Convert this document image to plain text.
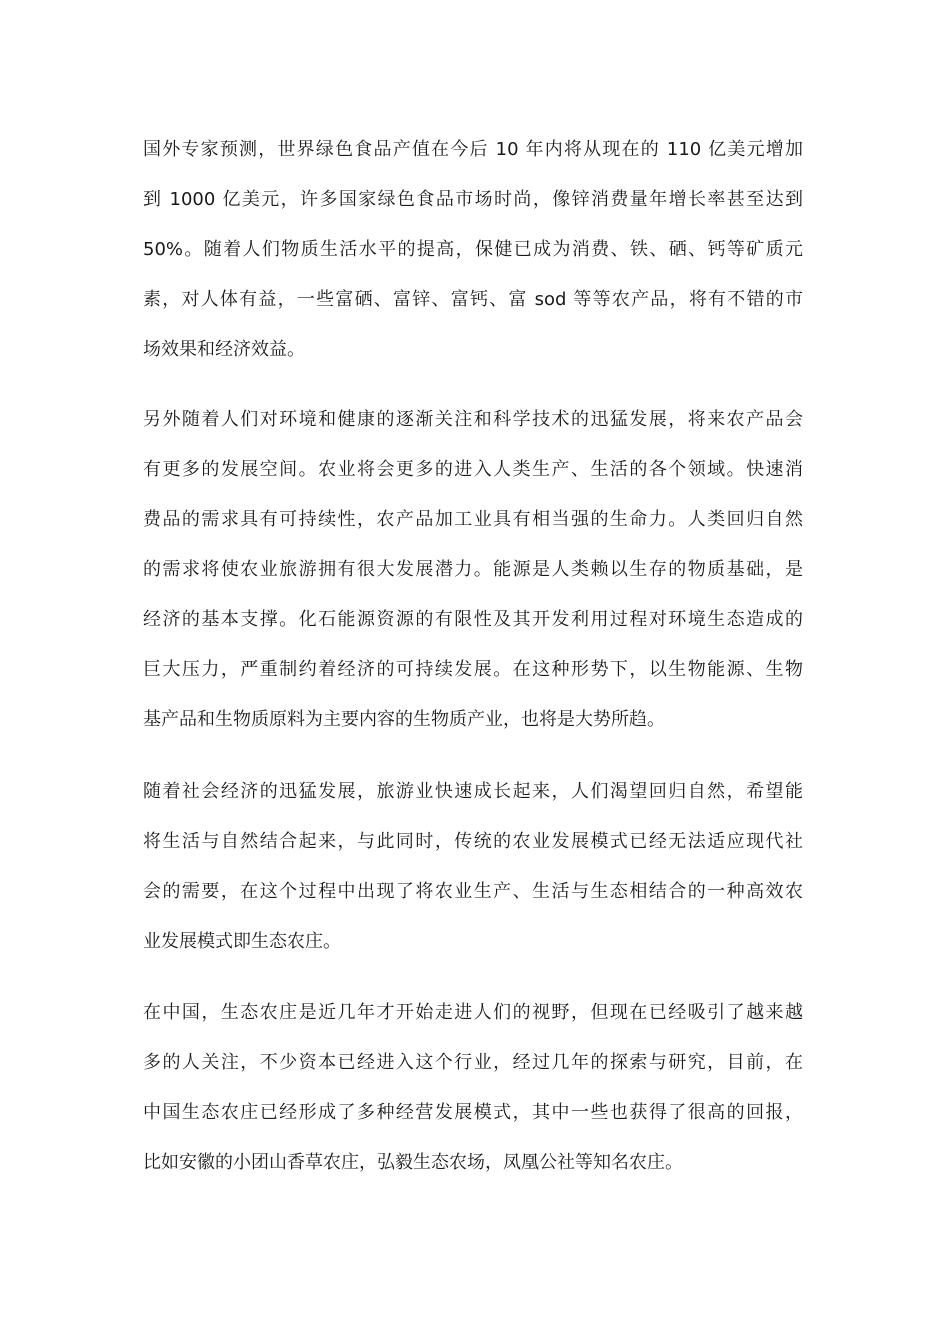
国外专家预测，世界绿色食品产值在今后 10 年内将从现在的 110 亿美元增加
到 1000 亿美元，许多国家绿色食品市场时尚，像锌消费量年增长率甚至达到
50%。随着人们物质生活水平的提高，保健已成为消费、铁、硒、钙等矿质元
素，对人体有益，一些富硒、富锌、富钙、富 sod 等等农产品，将有不错的市
场效果和经济效益。
另外随着人们对环境和健康的逐渐关注和科学技术的迅猛发展，将来农产品会
有更多的发展空间。农业将会更多的进入人类生产、生活的各个领域。快速消
费品的需求具有可持续性，农产品加工业具有相当强的生命力。人类回归自然
的需求将使农业旅游拥有很大发展潜力。能源是人类赖以生存的物质基础，是
经济的基本支撑。化石能源资源的有限性及其开发利用过程对环境生态造成的
巨大压力，严重制约着经济的可持续发展。在这种形势下，以生物能源、生物
基产品和生物质原料为主要内容的生物质产业，也将是大势所趋。
随着社会经济的迅猛发展，旅游业快速成长起来，人们渴望回归自然，希望能
将生活与自然结合起来，与此同时，传统的农业发展模式已经无法适应现代社
会的需要，在这个过程中出现了将农业生产、生活与生态相结合的一种高效农
业发展模式即生态农庄。
在中国，生态农庄是近几年才开始走进人们的视野，但现在已经吸引了越来越
多的人关注，不少资本已经进入这个行业，经过几年的探索与研究，目前，在
中国生态农庄已经形成了多种经营发展模式，其中一些也获得了很高的回报，
比如安徽的小团山香草农庄，弘毅生态农场，凤凰公社等知名农庄。
